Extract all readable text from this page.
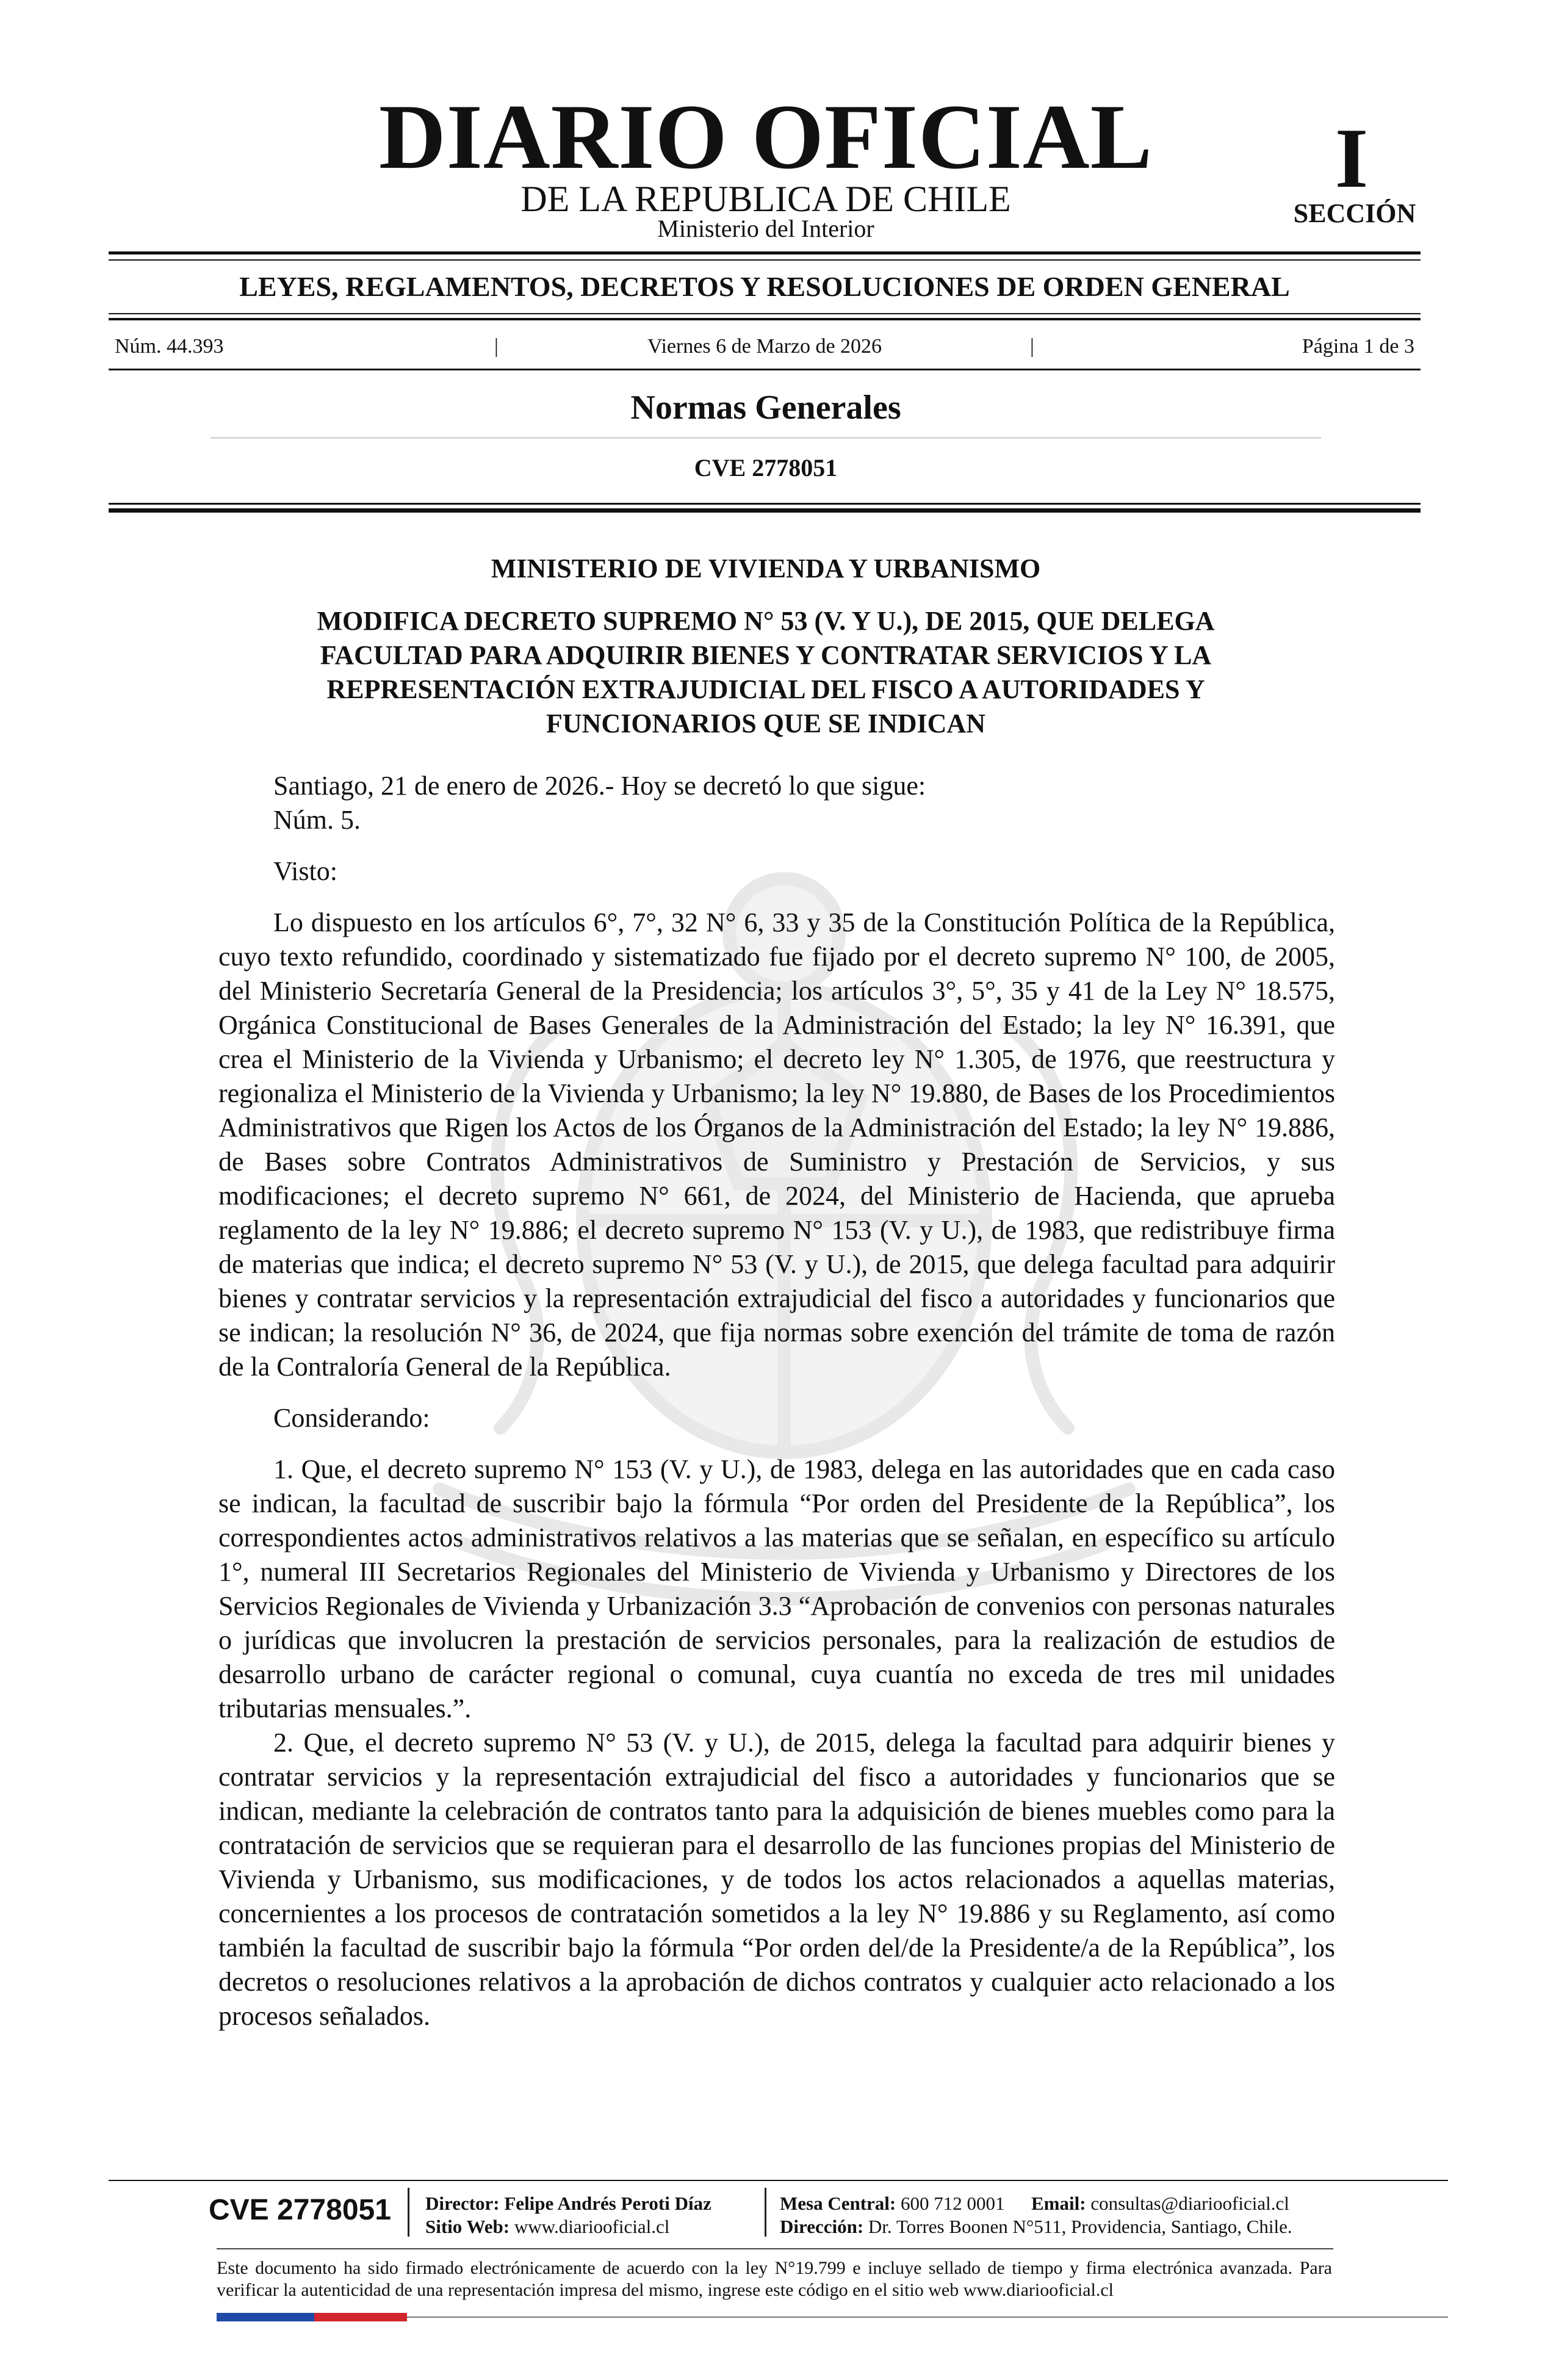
DIARIO OFICIAL
DE LA REPUBLICA DE CHILE
Ministerio del Interior
I
SECCIÓN
LEYES, REGLAMENTOS, DECRETOS Y RESOLUCIONES DE ORDEN GENERAL
Núm. 44.393	|	Viernes 6 de Marzo de 2026	|	Página 1 de 3
Normas Generales
CVE 2778051
MINISTERIO DE VIVIENDA Y URBANISMO
MODIFICA DECRETO SUPREMO N° 53 (V. Y U.), DE 2015, QUE DELEGA FACULTAD PARA ADQUIRIR BIENES Y CONTRATAR SERVICIOS Y LA REPRESENTACIÓN EXTRAJUDICIAL DEL FISCO A AUTORIDADES Y FUNCIONARIOS QUE SE INDICAN

Santiago, 21 de enero de 2026.- Hoy se decretó lo que sigue:

Núm. 5.

Visto:

Lo dispuesto en los artículos 6°, 7°, 32 N° 6, 33 y 35 de la Constitución Política de la República, cuyo texto refundido, coordinado y sistematizado fue fijado por el decreto supremo N° 100, de 2005, del Ministerio Secretaría General de la Presidencia; los artículos 3°, 5°, 35 y 41 de la Ley N° 18.575, Orgánica Constitucional de Bases Generales de la Administración del Estado; la ley N° 16.391, que crea el Ministerio de la Vivienda y Urbanismo; el decreto ley N° 1.305, de 1976, que reestructura y regionaliza el Ministerio de la Vivienda y Urbanismo; la ley N° 19.880, de Bases de los Procedimientos Administrativos que Rigen los Actos de los Órganos de la Administración del Estado; la ley N° 19.886, de Bases sobre Contratos Administrativos de Suministro y Prestación de Servicios, y sus modificaciones; el decreto supremo N° 661, de 2024, del Ministerio de Hacienda, que aprueba reglamento de la ley N° 19.886; el decreto supremo N° 153 (V. y U.), de 1983, que redistribuye firma de materias que indica; el decreto supremo N° 53 (V. y U.), de 2015, que delega facultad para adquirir bienes y contratar servicios y la representación extrajudicial del fisco a autoridades y funcionarios que se indican; la resolución N° 36, de 2024, que fija normas sobre exención del trámite de toma de razón de la Contraloría General de la República.

Considerando:

1. Que, el decreto supremo N° 153 (V. y U.), de 1983, delega en las autoridades que en cada caso se indican, la facultad de suscribir bajo la fórmula “Por orden del Presidente de la República”, los correspondientes actos administrativos relativos a las materias que se señalan, en específico su artículo 1°, numeral III Secretarios Regionales del Ministerio de Vivienda y Urbanismo y Directores de los Servicios Regionales de Vivienda y Urbanización 3.3 “Aprobación de convenios con personas naturales o jurídicas que involucren la prestación de servicios personales, para la realización de estudios de desarrollo urbano de carácter regional o comunal, cuya cuantía no exceda de tres mil unidades tributarias mensuales.”.

2. Que, el decreto supremo N° 53 (V. y U.), de 2015, delega la facultad para adquirir bienes y contratar servicios y la representación extrajudicial del fisco a autoridades y funcionarios que se indican, mediante la celebración de contratos tanto para la adquisición de bienes muebles como para la contratación de servicios que se requieran para el desarrollo de las funciones propias del Ministerio de Vivienda y Urbanismo, sus modificaciones, y de todos los actos relacionados a aquellas materias, concernientes a los procesos de contratación sometidos a la ley N° 19.886 y su Reglamento, así como también la facultad de suscribir bajo la fórmula “Por orden del/de la Presidente/a de la República”, los decretos o resoluciones relativos a la aprobación de dichos contratos y cualquier acto relacionado a los procesos señalados.

CVE 2778051 Director: Felipe Andrés Peroti Díaz
Sitio Web: www.diariooficial.cl
Mesa Central: 600 712 0001 Email: consultas@diariooficial.cl
Dirección: Dr. Torres Boonen N°511, Providencia, Santiago, Chile.
Este documento ha sido firmado electrónicamente de acuerdo con la ley N°19.799 e incluye sellado de tiempo y firma electrónica avanzada. Para verificar la autenticidad de una representación impresa del mismo, ingrese este código en el sitio web www.diariooficial.cl
